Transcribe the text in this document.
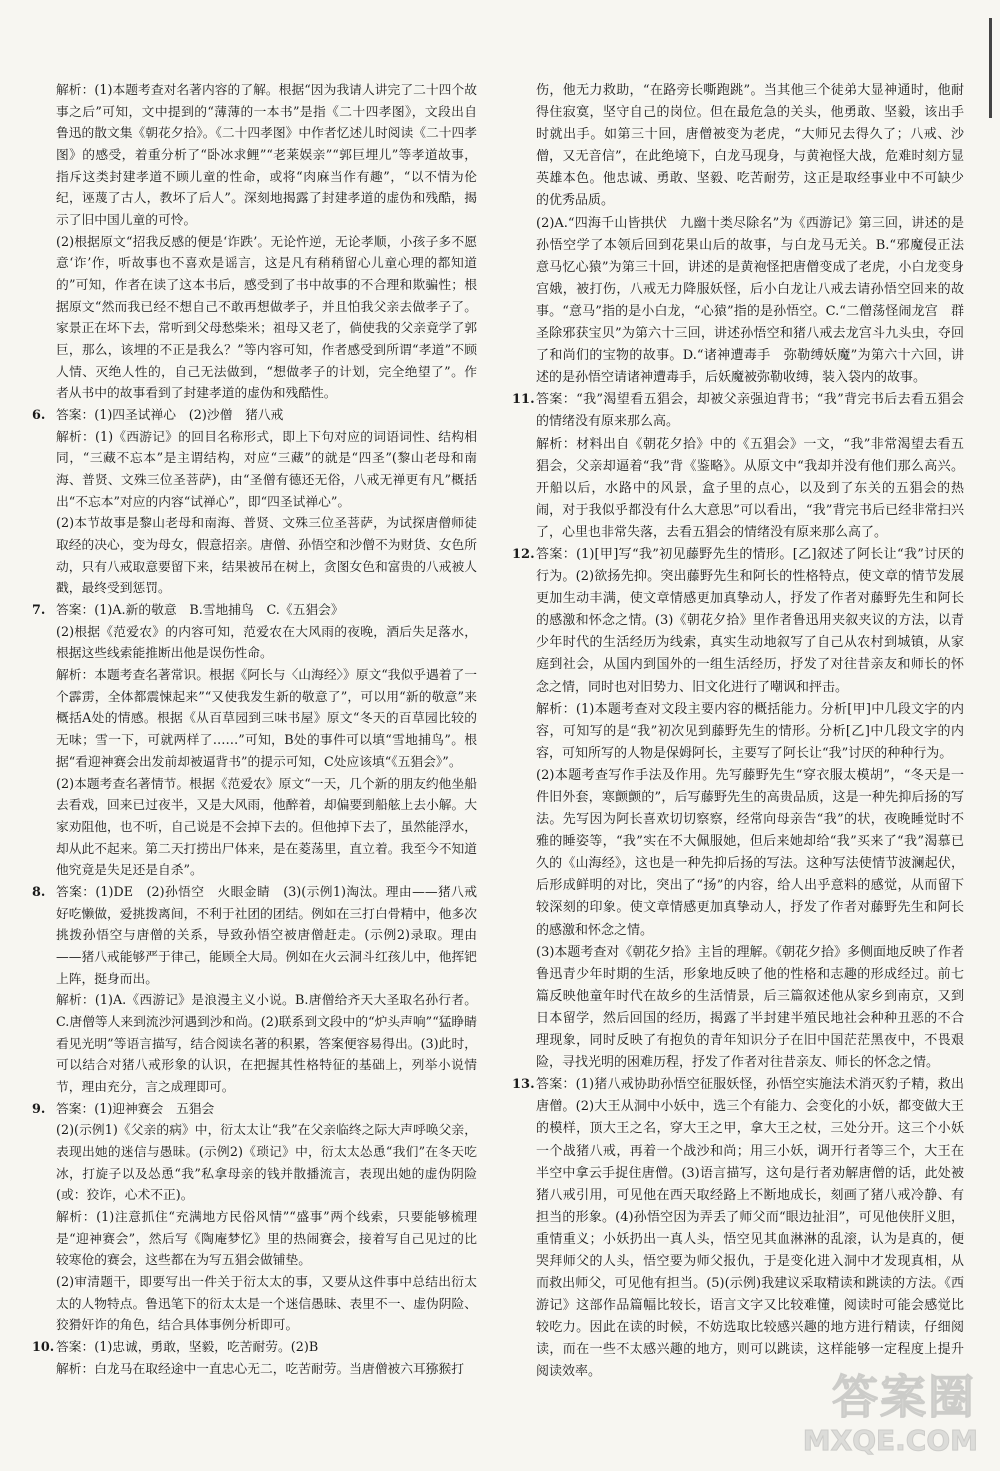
解析：(1)本题考查对名著内容的了解。根据“因为我请人讲完了二十四个故事之后”可知，文中提到的“薄薄的一本书”是指《二十四孝图》，文段出自鲁迅的散文集《朝花夕拾》。《二十四孝图》中作者忆述儿时阅读《二十四孝图》的感受，着重分析了“卧冰求鲤”“老莱娱亲”“郭巨埋儿”等孝道故事，指斥这类封建孝道不顾儿童的性命，或将“肉麻当作有趣”，“以不情为伦纪，诬蔑了古人，教坏了后人”。深刻地揭露了封建孝道的虚伪和残酷，揭示了旧中国儿童的可怜。

(2)根据原文“招我反感的便是‘诈跌’。无论忤逆，无论孝顺，小孩子多不愿意‘诈’作，听故事也不喜欢是谣言，这是凡有稍稍留心儿童心理的都知道的”可知，作者在读了这本书后，感受到了书中故事的不合理和欺骗性；根据原文“然而我已经不想自己不敢再想做孝子，并且怕我父亲去做孝子了。家景正在坏下去，常听到父母愁柴米；祖母又老了，倘使我的父亲竟学了郭巨，那么，该埋的不正是我么？”等内容可知，作者感受到所谓“孝道”不顾人情、灭绝人性的，自己无法做到，“想做孝子的计划，完全绝望了”。作者从书中的故事看到了封建孝道的虚伪和残酷性。

6. 答案：(1)四圣试禅心　(2)沙僧　猪八戒

解析：(1)《西游记》的回目名称形式，即上下句对应的词语词性、结构相同，“三藏不忘本”是主谓结构，对应“三藏”的就是“四圣”(黎山老母和南海、普贤、文殊三位圣菩萨)，由“圣僧有德还无俗，八戒无禅更有凡”概括出“不忘本”对应的内容“试禅心”，即“四圣试禅心”。

(2)本节故事是黎山老母和南海、普贤、文殊三位圣菩萨，为试探唐僧师徒取经的决心，变为母女，假意招亲。唐僧、孙悟空和沙僧不为财货、女色所动，只有八戒取意要留下来，结果被吊在树上，贪图女色和富贵的八戒被人戳，最终受到惩罚。

7. 答案：(1)A.新的敬意　B.雪地捕鸟　C.《五猖会》

(2)根据《范爱农》的内容可知，范爱农在大风雨的夜晚，酒后失足落水，根据这些线索能推断出他是误伤性命。

解析：本题考查名著常识。根据《阿长与〈山海经〉》原文“我似乎遇着了一个霹雳，全体都震悚起来”“又使我发生新的敬意了”，可以用“新的敬意”来概括A处的情感。根据《从百草园到三味书屋》原文“冬天的百草园比较的无味；雪一下，可就两样了……”可知，B处的事件可以填“雪地捕鸟”。根据“看迎神赛会出发前却被逼背书”的提示可知，C处应该填“《五猖会》”。

(2)本题考查名著情节。根据《范爱农》原文“一天，几个新的朋友约他坐船去看戏，回来已过夜半，又是大风雨，他醉着，却偏要到船舷上去小解。大家劝阻他，也不听，自己说是不会掉下去的。但他掉下去了，虽然能浮水，却从此不起来。第二天打捞出尸体来，是在菱荡里，直立着。我至今不知道他究竟是失足还是自杀”。

8. 答案：(1)DE　(2)孙悟空　火眼金睛　(3)(示例1)淘汰。理由——猪八戒好吃懒做，爱挑拨离间，不利于社团的团结。例如在三打白骨精中，他多次挑拨孙悟空与唐僧的关系，导致孙悟空被唐僧赶走。(示例2)录取。理由——猪八戒能够严于律己，能顾全大局。例如在火云洞斗红孩儿中，他挥钯上阵，挺身而出。

解析：(1)A.《西游记》是浪漫主义小说。B.唐僧给齐天大圣取名孙行者。C.唐僧等人来到流沙河遇到沙和尚。(2)联系到文段中的“炉头声响”“猛睁睛看见光明”等语言描写，结合阅读名著的积累，答案便容易得出。(3)此时，可以结合对猪八戒形象的认识，在把握其性格特征的基础上，列举小说情节，理由充分，言之成理即可。

9. 答案：(1)迎神赛会　五猖会

(2)(示例1)《父亲的病》中，衍太太让“我”在父亲临终之际大声呼唤父亲，表现出她的迷信与愚昧。(示例2)《琐记》中，衍太太怂恿“我们”在冬天吃冰，打旋子以及怂恿“我”私拿母亲的钱并散播流言，表现出她的虚伪阴险(或：狡诈，心术不正)。

解析：(1)注意抓住“充满地方民俗风情”“盛事”两个线索，只要能够梳理是“迎神赛会”，然后写《陶庵梦忆》里的热闹赛会，接着写自己见过的比较寒伧的赛会，这些都在为写五猖会做铺垫。

(2)审清题干，即要写出一件关于衍太太的事，又要从这件事中总结出衍太太的人物特点。鲁迅笔下的衍太太是一个迷信愚昧、表里不一、虚伪阴险、狡猾奸诈的角色，结合具体事例分析即可。

10. 答案：(1)忠诚，勇敢，坚毅，吃苦耐劳。(2)B

解析：白龙马在取经途中一直忠心无二，吃苦耐劳。当唐僧被六耳猕猴打

伤，他无力救助，“在路旁长嘶跑跳”。当其他三个徒弟大显神通时，他耐得住寂寞，坚守自己的岗位。但在最危急的关头，他勇敢、坚毅，该出手时就出手。如第三十回，唐僧被变为老虎，“大师兄去得久了；八戒、沙僧，又无音信”，在此绝境下，白龙马现身，与黄袍怪大战，危难时刻方显英雄本色。他忠诚、勇敢、坚毅、吃苦耐劳，这正是取经事业中不可缺少的优秀品质。

(2)A.“四海千山皆拱伏　九幽十类尽除名”为《西游记》第三回，讲述的是孙悟空学了本领后回到花果山后的故事，与白龙马无关。B.“邪魔侵正法　意马忆心猿”为第三十回，讲述的是黄袍怪把唐僧变成了老虎，小白龙变身宫娥，被打伤，八戒无力降服妖怪，后小白龙让八戒去请孙悟空回来的故事。“意马”指的是小白龙，“心猿”指的是孙悟空。C.“二僧荡怪闹龙宫　群圣除邪获宝贝”为第六十三回，讲述孙悟空和猪八戒去龙宫斗九头虫，夺回了和尚们的宝物的故事。D.“诸神遭毒手　弥勒缚妖魔”为第六十六回，讲述的是孙悟空请诸神遭毒手，后妖魔被弥勒收缚，装入袋内的故事。

11. 答案：“我”渴望看五猖会，却被父亲强迫背书；“我”背完书后去看五猖会的情绪没有原来那么高。

解析：材料出自《朝花夕拾》中的《五猖会》一文，“我”非常渴望去看五猖会，父亲却逼着“我”背《鉴略》。从原文中“我却并没有他们那么高兴。开船以后，水路中的风景，盒子里的点心，以及到了东关的五猖会的热闹，对于我似乎都没有什么大意思”可以看出，“我”背完书后已经非常扫兴了，心里也非常失落，去看五猖会的情绪没有原来那么高了。

12. 答案：(1)[甲]写“我”初见藤野先生的情形。[乙]叙述了阿长让“我”讨厌的行为。(2)欲扬先抑。突出藤野先生和阿长的性格特点，使文章的情节发展更加生动丰满，使文章情感更加真挚动人，抒发了作者对藤野先生和阿长的感激和怀念之情。(3)《朝花夕拾》里作者鲁迅用夹叙夹议的方法，以青少年时代的生活经历为线索，真实生动地叙写了自己从农村到城镇，从家庭到社会，从国内到国外的一组生活经历，抒发了对往昔亲友和师长的怀念之情，同时也对旧势力、旧文化进行了嘲讽和抨击。

解析：(1)本题考查对文段主要内容的概括能力。分析[甲]中几段文字的内容，可知写的是“我”初次见到藤野先生的情形。分析[乙]中几段文字的内容，可知所写的人物是保姆阿长，主要写了阿长让“我”讨厌的种种行为。

(2)本题考查写作手法及作用。先写藤野先生“穿衣服太模胡”，“冬天是一件旧外套，寒颤颤的”，后写藤野先生的高贵品质，这是一种先抑后扬的写法。先写因为阿长喜欢切切察察，经常向母亲告“我”的状，夜晚睡觉时不雅的睡姿等，“我”实在不大佩服她，但后来她却给“我”买来了“我”渴慕已久的《山海经》，这也是一种先抑后扬的写法。这种写法使情节波澜起伏，后形成鲜明的对比，突出了“扬”的内容，给人出乎意料的感觉，从而留下较深刻的印象。使文章情感更加真挚动人，抒发了作者对藤野先生和阿长的感激和怀念之情。

(3)本题考查对《朝花夕拾》主旨的理解。《朝花夕拾》多侧面地反映了作者鲁迅青少年时期的生活，形象地反映了他的性格和志趣的形成经过。前七篇反映他童年时代在故乡的生活情景，后三篇叙述他从家乡到南京，又到日本留学，然后回国的经历，揭露了半封建半殖民地社会种种丑恶的不合理现象，同时反映了有抱负的青年知识分子在旧中国茫茫黑夜中，不畏艰险，寻找光明的困难历程，抒发了作者对往昔亲友、师长的怀念之情。

13. 答案：(1)猪八戒协助孙悟空征服妖怪，孙悟空实施法术消灭豹子精，救出唐僧。(2)大王从洞中小妖中，选三个有能力、会变化的小妖，都变做大王的模样，顶大王之名，穿大王之甲，拿大王之杖，三处分开。这三个小妖一个战猪八戒，再着一个战沙和尚；用三小妖，调开行者等三个，大王在半空中拿云手捉住唐僧。(3)语言描写，这句是行者劝解唐僧的话，此处被猪八戒引用，可见他在西天取经路上不断地成长，刻画了猪八戒冷静、有担当的形象。(4)孙悟空因为弄丢了师父而“眼边扯泪”，可见他侠肝义胆，重情重义；小妖扔出一真人头，悟空见其血淋淋的乱滚，认为是真的，便哭拜师父的人头，悟空要为师父报仇，于是变化进入洞中才发现真相，从而救出师父，可见他有担当。(5)(示例)我建议采取精读和跳读的方法。《西游记》这部作品篇幅比较长，语言文字又比较难懂，阅读时可能会感觉比较吃力。因此在读的时候，不妨选取比较感兴趣的地方进行精读，仔细阅读，而在一些不太感兴趣的地方，则可以跳读，这样能够一定程度上提升阅读效率。	答案圈
MXQE.COM
